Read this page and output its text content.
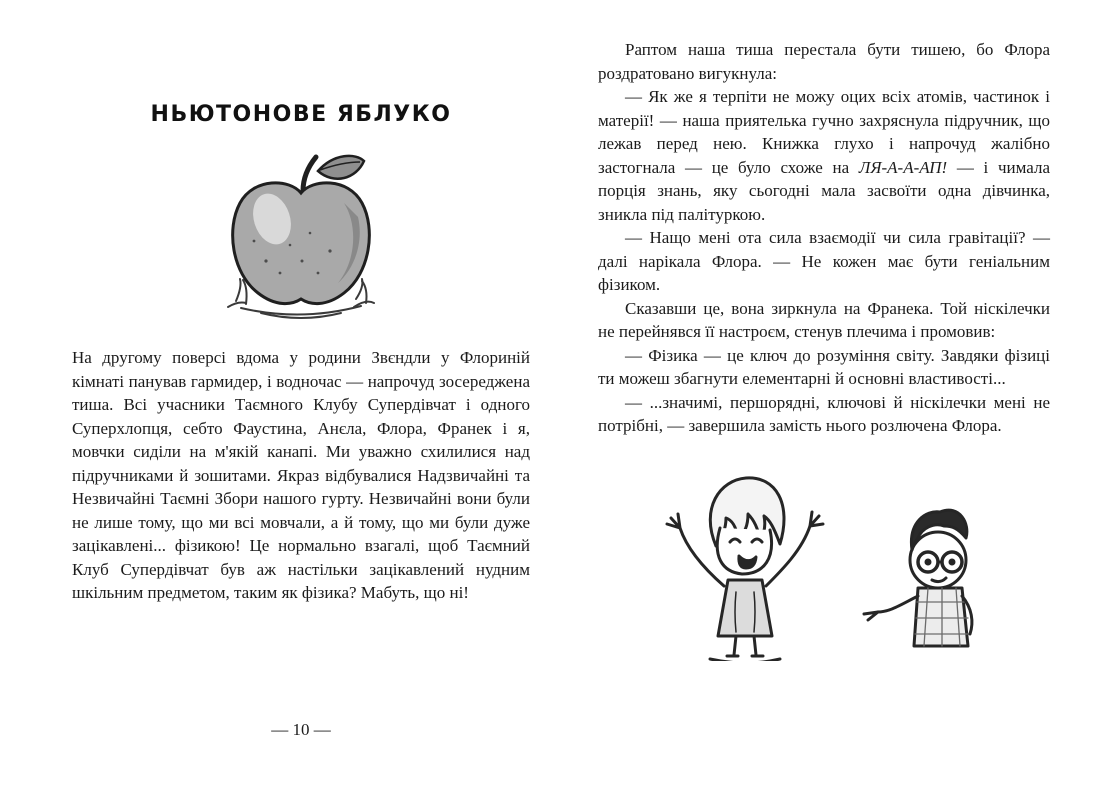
НЬЮТОНОВЕ ЯБЛУКО

На другому поверсі вдома у родини Звєндли у Флориній кімнаті панував гармидер, і водночас — напрочуд зосереджена тиша. Всі учасники Таємного Клубу Супердівчат і одного Суперхлопця, себто Фаустина, Анєла, Флора, Франек і я, мовчки сиділи на м'якій канапі. Ми уважно схилилися над підручниками й зошитами. Якраз відбувалися Надзвичайні та Незвичайні Таємні Збори нашого гурту. Незвичайні вони були не лише тому, що ми всі мовчали, а й тому, що ми були дуже зацікавлені... фізикою! Це нормально взагалі, щоб Таємний Клуб Супердівчат був аж настільки зацікавлений нудним шкільним предметом, таким як фізика? Мабуть, що ні!

— 10 —

Раптом наша тиша перестала бути тишею, бо Флора роздратовано вигукнула:

— Як же я терпіти не можу оцих всіх атомів, частинок і матерії! — наша приятелька гучно захряснула підручник, що лежав перед нею. Книжка глухо і напрочуд жалібно застогнала — це було схоже на ЛЯ-А-А-АП! — і чимала порція знань, яку сьогодні мала засвоїти одна дівчинка, зникла під палітуркою.

— Нащо мені ота сила взаємодії чи сила гравітації? — далі нарікала Флора. — Не кожен має бути геніальним фізиком.

Сказавши це, вона зиркнула на Франека. Той ніскілечки не перейнявся її настроєм, стенув плечима і промовив:

— Фізика — це ключ до розуміння світу. Завдяки фізиці ти можеш збагнути елементарні й основні властивості...

— ...значимі, першорядні, ключові й ніскілечки мені не потрібні, — завершила замість нього розлючена Флора.
